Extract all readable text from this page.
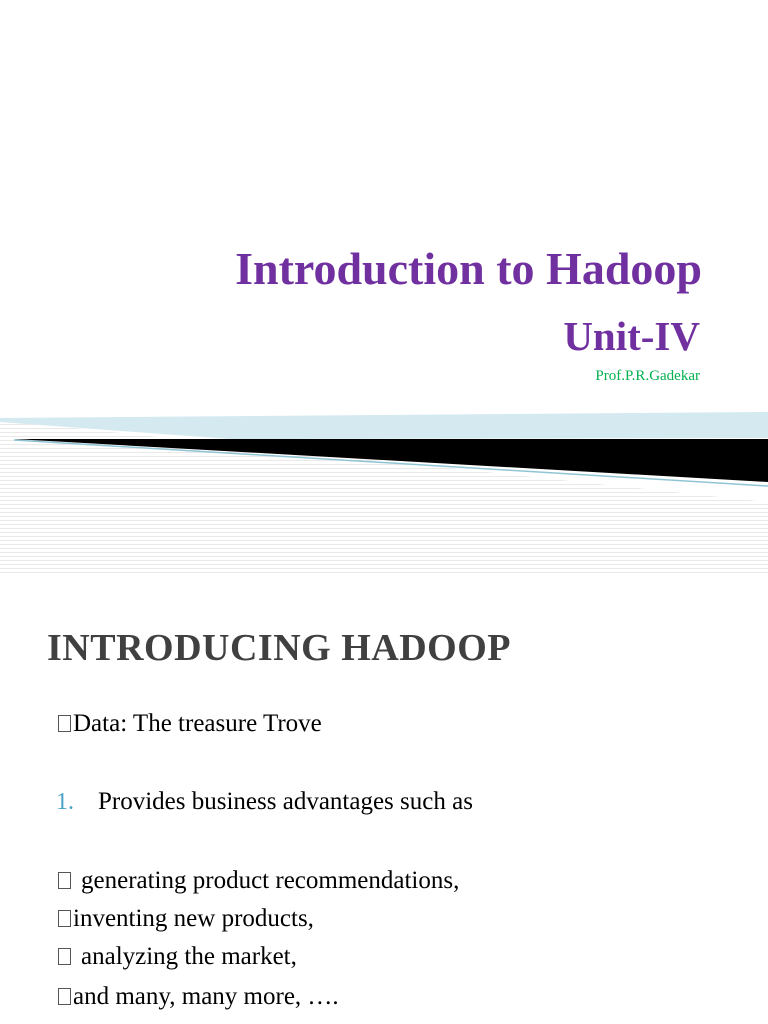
Introduction to Hadoop
Unit-IV

Prof.P.R.Gadekar

INTRODUCING HADOOP
Data: The treasure Trove
1. Provides business advantages such as
generating product recommendations,
inventing new products,
analyzing the market,
and many, many more, ….
